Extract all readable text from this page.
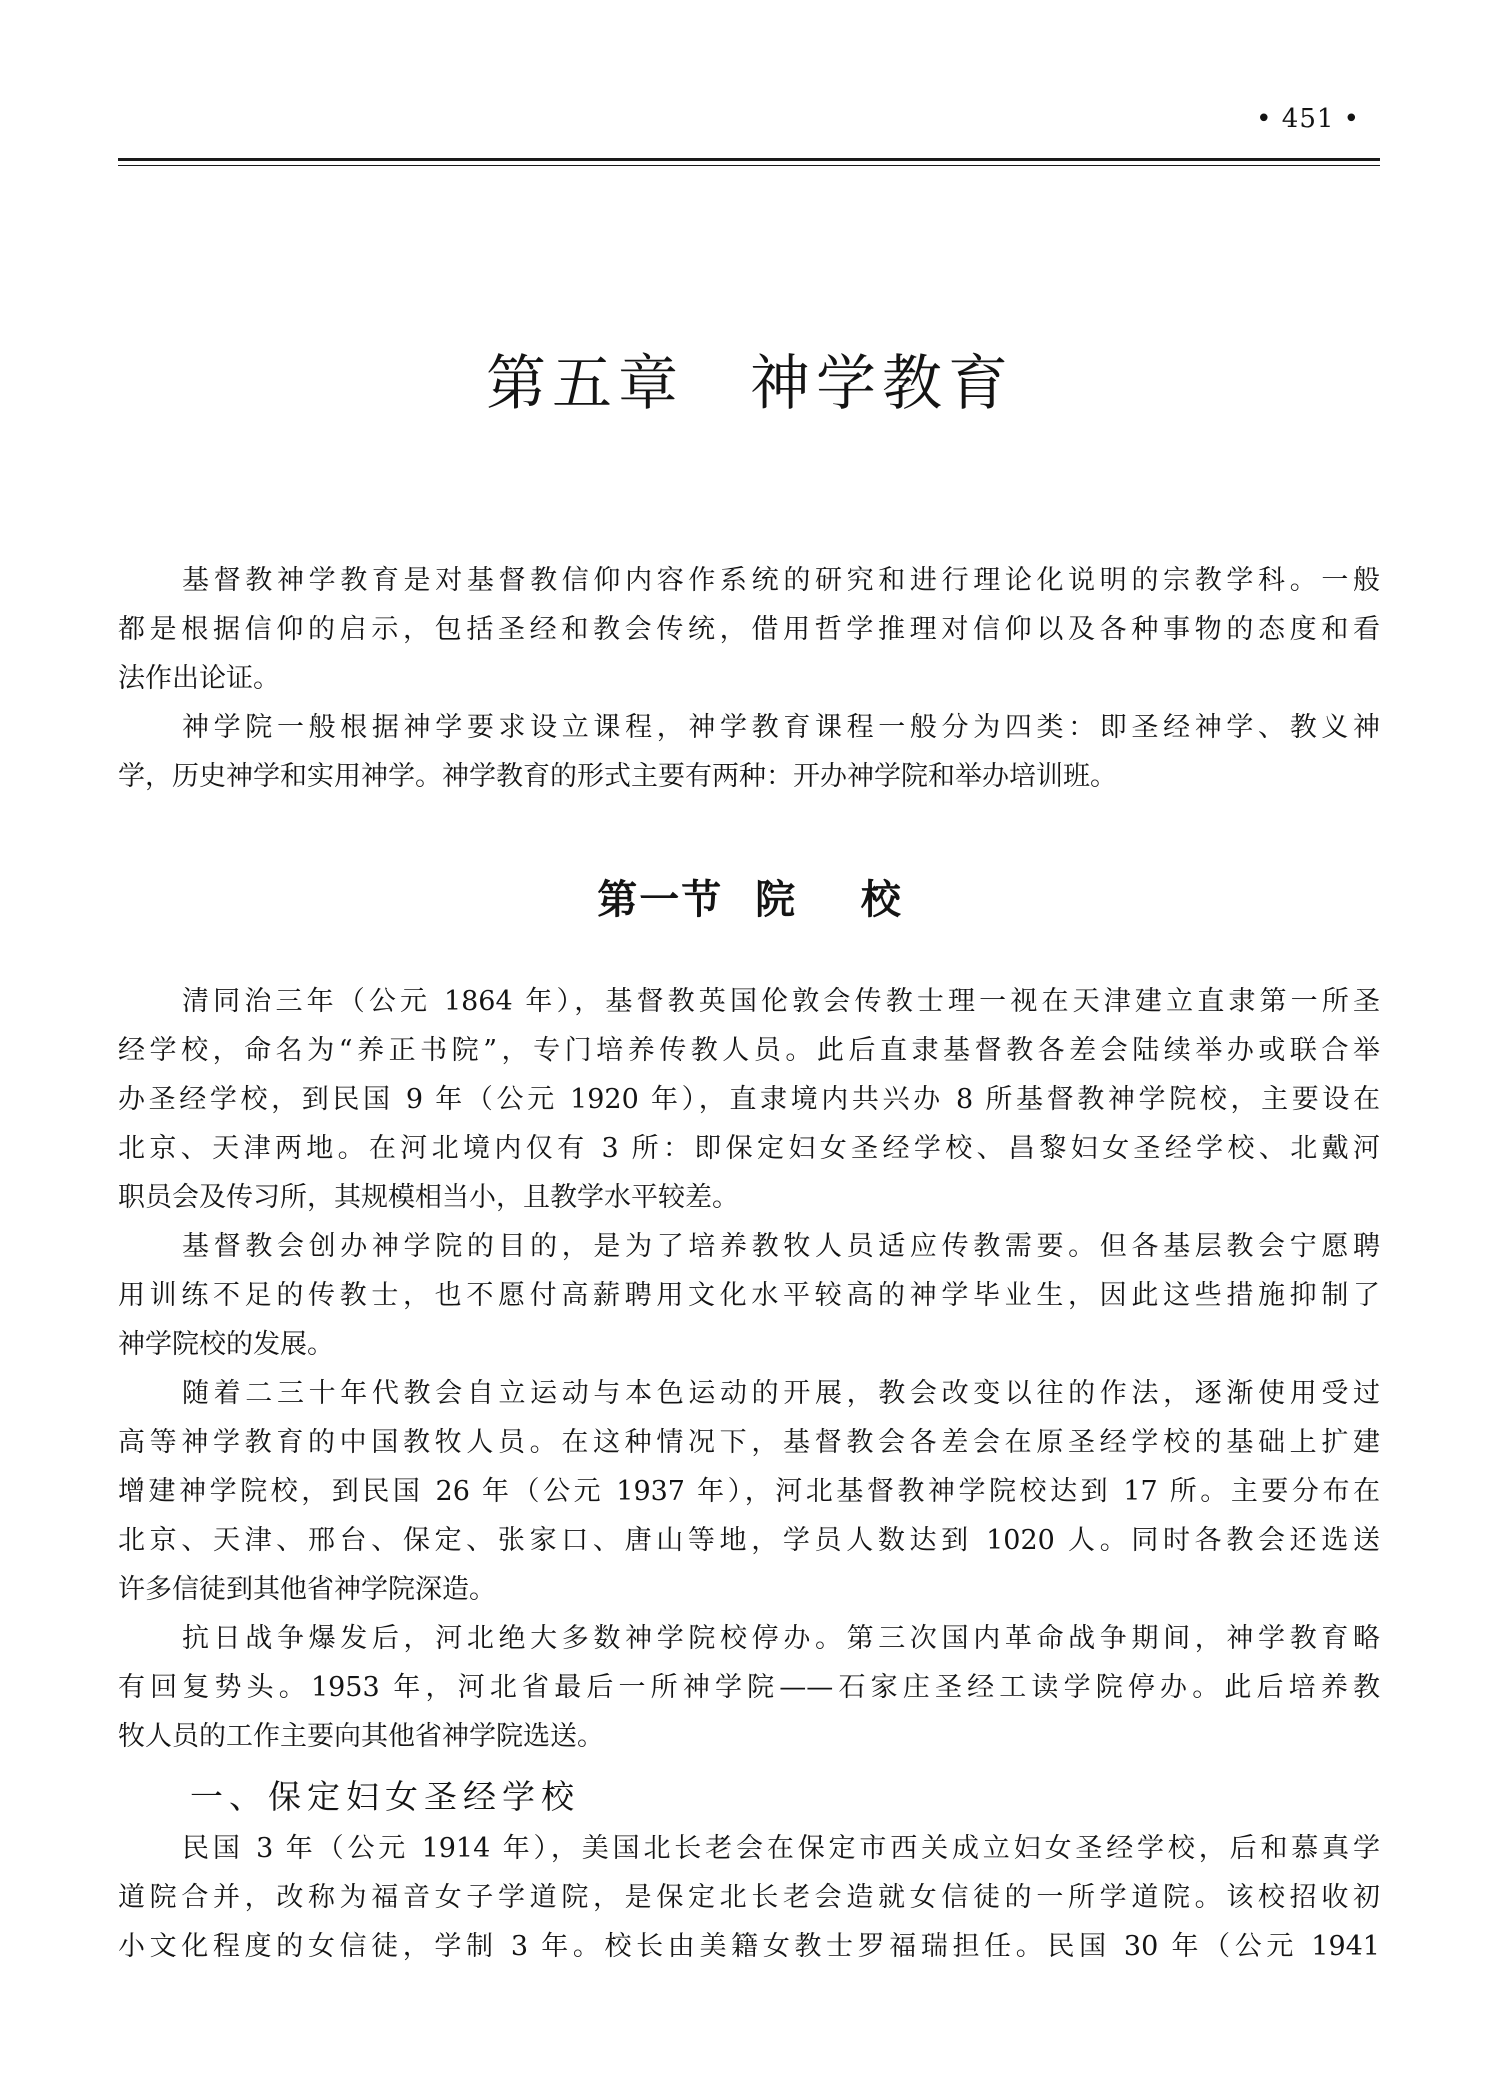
• 451 •
第五章　神学教育
基督教神学教育是对基督教信仰内容作系统的研究和进行理论化说明的宗教学科。一般
都是根据信仰的启示，包括圣经和教会传统，借用哲学推理对信仰以及各种事物的态度和看
法作出论证。
神学院一般根据神学要求设立课程，神学教育课程一般分为四类：即圣经神学、教义神
学，历史神学和实用神学。神学教育的形式主要有两种：开办神学院和举办培训班。
第一节  院    校
清同治三年（公元 1864 年），基督教英国伦敦会传教士理一视在天津建立直隶第一所圣
经学校，命名为“养正书院”，专门培养传教人员。此后直隶基督教各差会陆续举办或联合举
办圣经学校，到民国 9 年（公元 1920 年），直隶境内共兴办 8 所基督教神学院校，主要设在
北京、天津两地。在河北境内仅有 3 所：即保定妇女圣经学校、昌黎妇女圣经学校、北戴河
职员会及传习所，其规模相当小，且教学水平较差。
基督教会创办神学院的目的，是为了培养教牧人员适应传教需要。但各基层教会宁愿聘
用训练不足的传教士，也不愿付高薪聘用文化水平较高的神学毕业生，因此这些措施抑制了
神学院校的发展。
随着二三十年代教会自立运动与本色运动的开展，教会改变以往的作法，逐渐使用受过
高等神学教育的中国教牧人员。在这种情况下，基督教会各差会在原圣经学校的基础上扩建
增建神学院校，到民国 26 年（公元 1937 年），河北基督教神学院校达到 17 所。主要分布在
北京、天津、邢台、保定、张家口、唐山等地，学员人数达到 1020 人。同时各教会还选送
许多信徒到其他省神学院深造。
抗日战争爆发后，河北绝大多数神学院校停办。第三次国内革命战争期间，神学教育略
有回复势头。1953 年，河北省最后一所神学院——石家庄圣经工读学院停办。此后培养教
牧人员的工作主要向其他省神学院选送。
一、保定妇女圣经学校
民国 3 年（公元 1914 年），美国北长老会在保定市西关成立妇女圣经学校，后和慕真学
道院合并，改称为福音女子学道院，是保定北长老会造就女信徒的一所学道院。该校招收初
小文化程度的女信徒，学制 3 年。校长由美籍女教士罗福瑞担任。民国 30 年（公元 1941
